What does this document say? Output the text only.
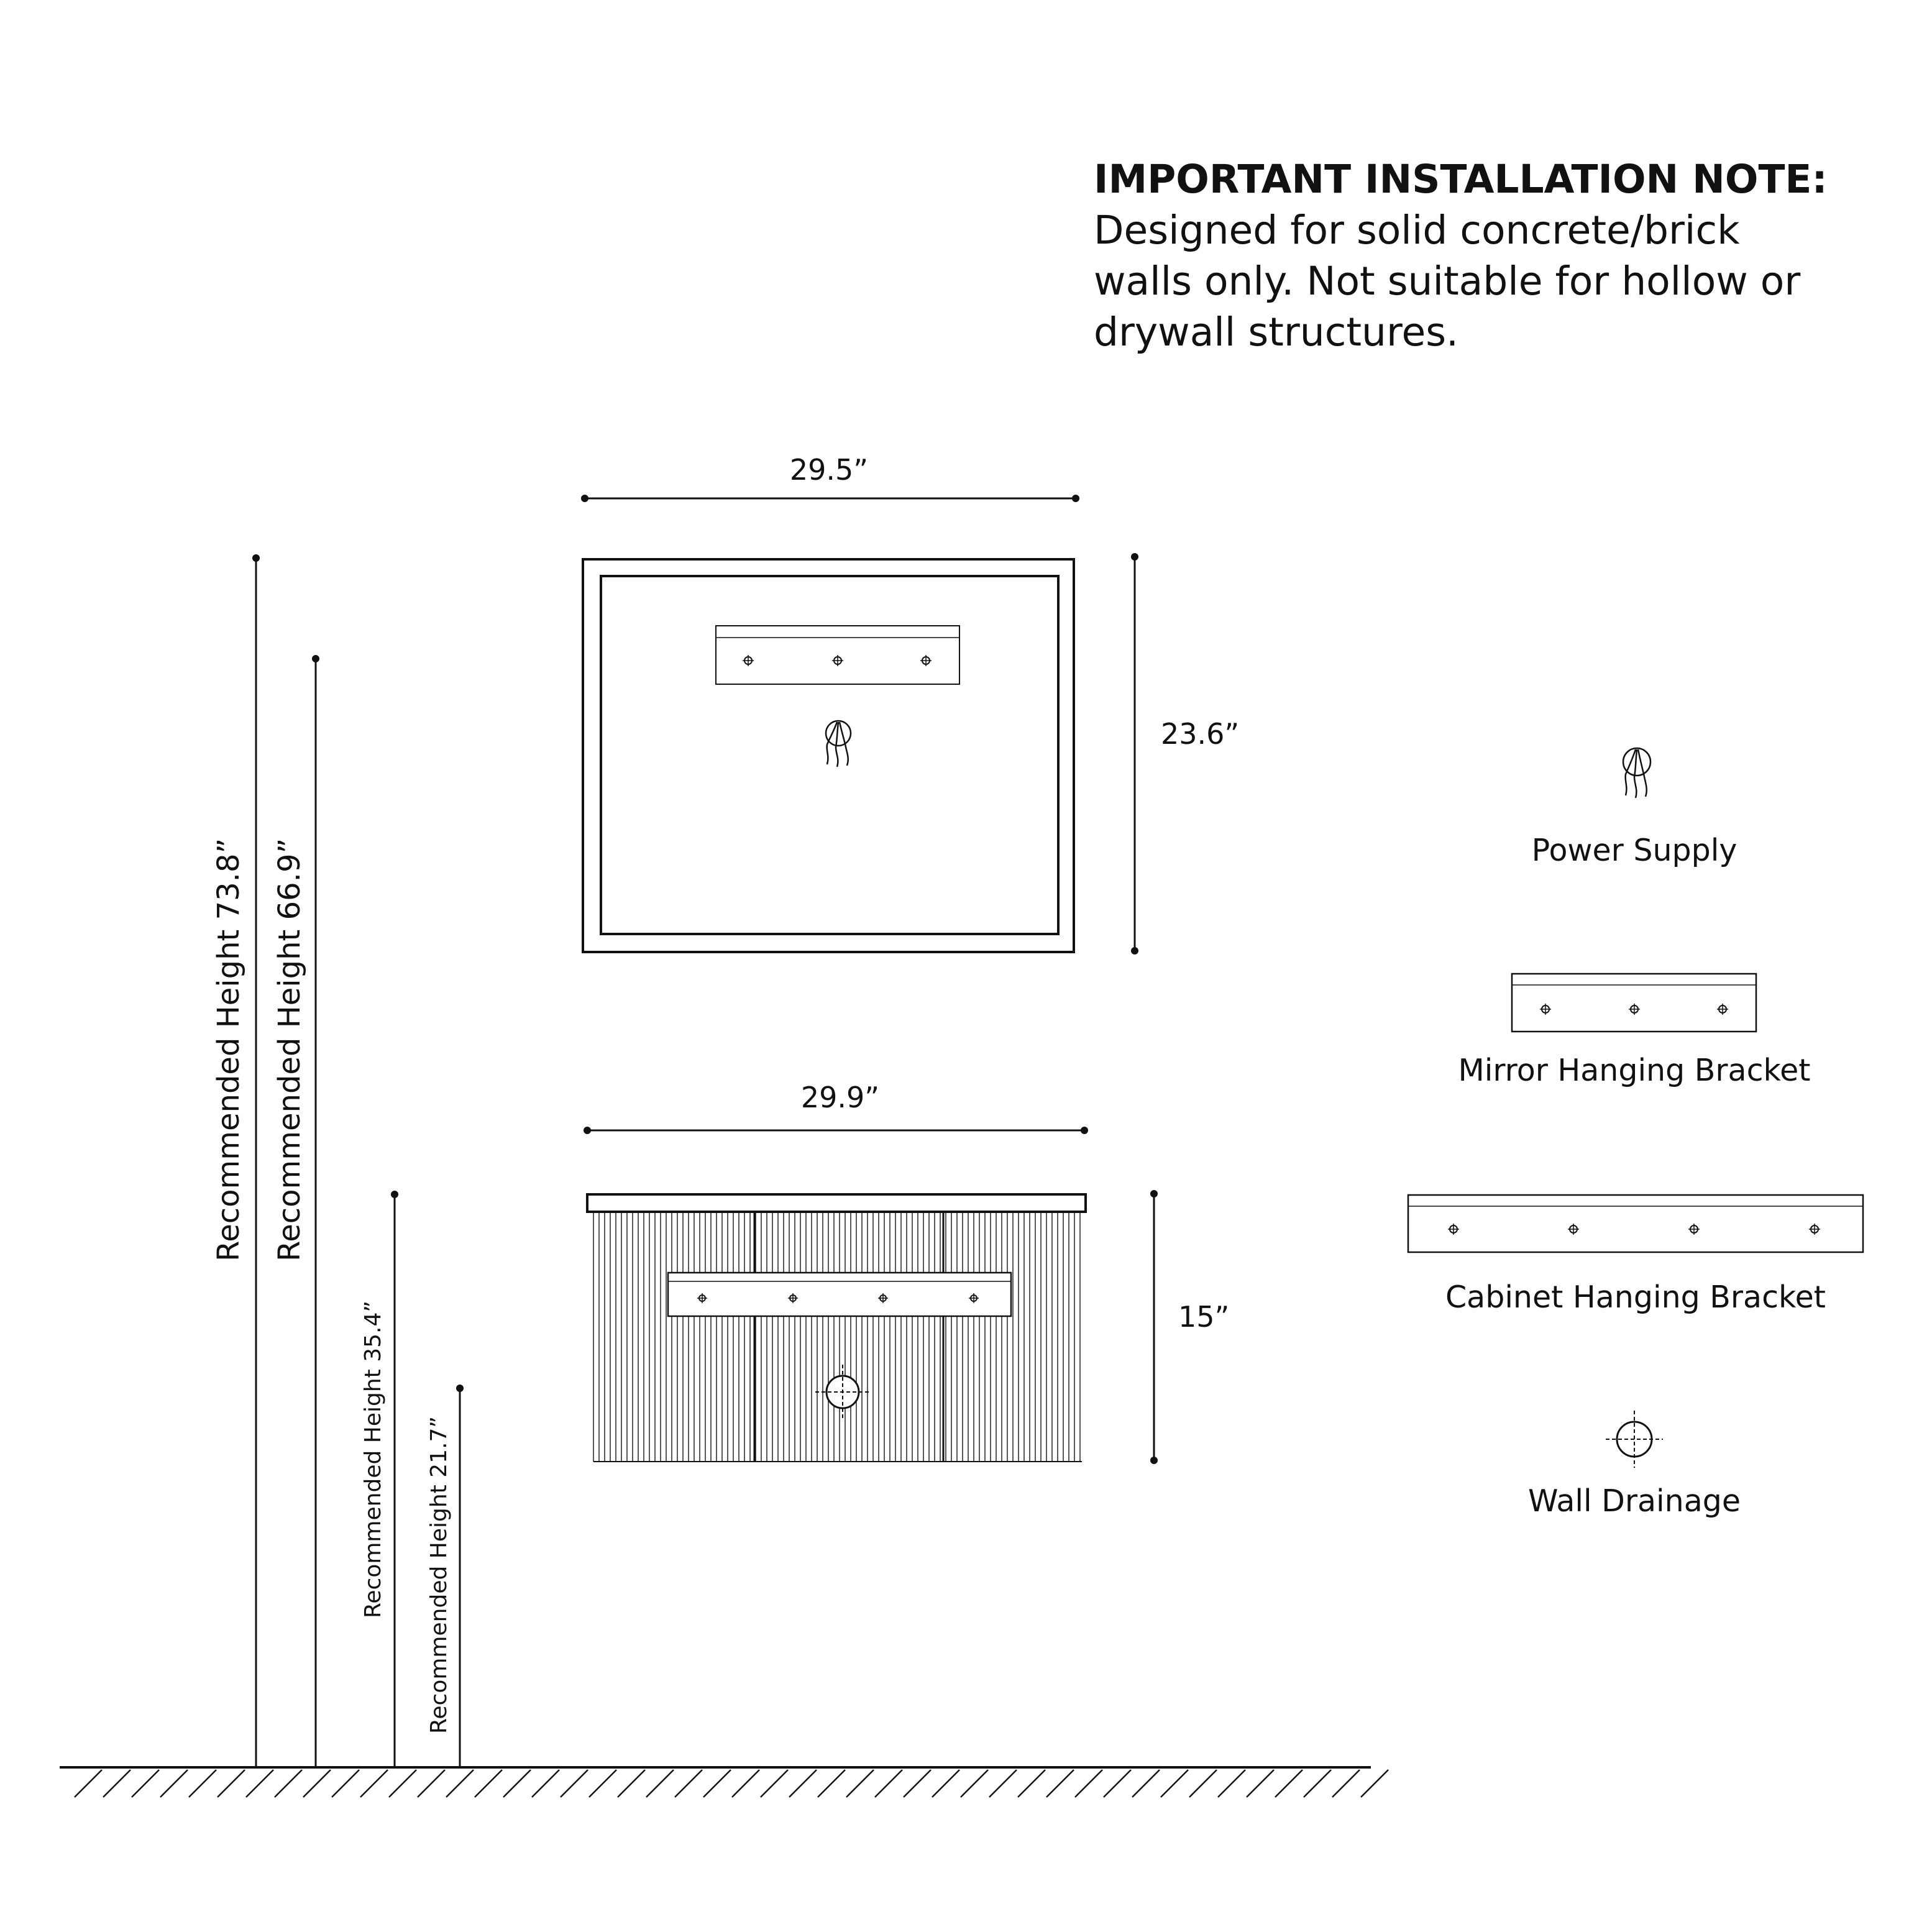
IMPORTANT INSTALLATION NOTE:
Designed for solid concrete/brick
walls only. Not suitable for hollow or
drywall structures.
29.5”
23.6”
29.9”
15”
Recommended Height 73.8” Recommended Height 66.9”
Recommended Height 35.4” Recommended Height 21.7”
Power Supply
Mirror Hanging Bracket
Cabinet Hanging Bracket
Wall Drainage
